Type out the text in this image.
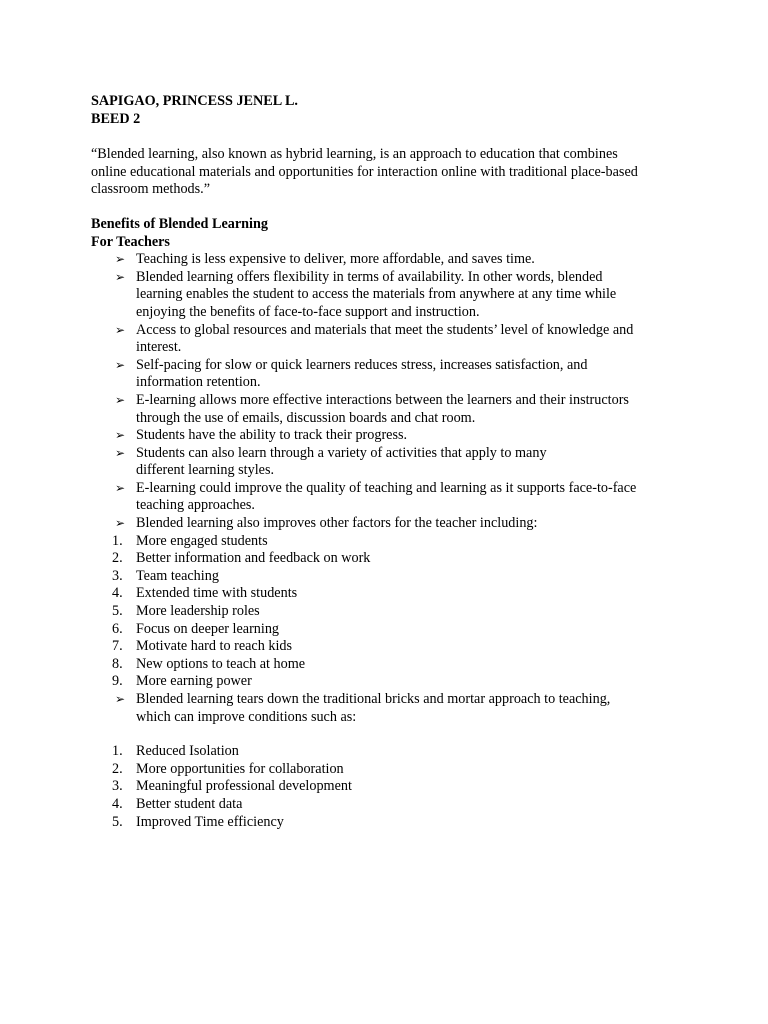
SAPIGAO, PRINCESS JENEL L.
BEED 2
“Blended learning, also known as hybrid learning, is an approach to education that combines
online educational materials and opportunities for interaction online with traditional place-based
classroom methods.”
Benefits of Blended Learning
For Teachers
➢ Teaching is less expensive to deliver, more affordable, and saves time.
➢ Blended learning offers flexibility in terms of availability. In other words, blended
learning enables the student to access the materials from anywhere at any time while
enjoying the benefits of face-to-face support and instruction.
➢ Access to global resources and materials that meet the students’ level of knowledge and
interest.
➢ Self-pacing for slow or quick learners reduces stress, increases satisfaction, and
information retention.
➢ E-learning allows more effective interactions between the learners and their instructors
through the use of emails, discussion boards and chat room.
➢ Students have the ability to track their progress.
➢ Students can also learn through a variety of activities that apply to many
different learning styles.
➢ E-learning could improve the quality of teaching and learning as it supports face-to-face
teaching approaches.
➢ Blended learning also improves other factors for the teacher including:
1. More engaged students
2. Better information and feedback on work
3. Team teaching
4. Extended time with students
5. More leadership roles
6. Focus on deeper learning
7. Motivate hard to reach kids
8. New options to teach at home
9. More earning power
➢ Blended learning tears down the traditional bricks and mortar approach to teaching,
which can improve conditions such as:
1. Reduced Isolation
2. More opportunities for collaboration
3. Meaningful professional development
4. Better student data
5. Improved Time efficiency
